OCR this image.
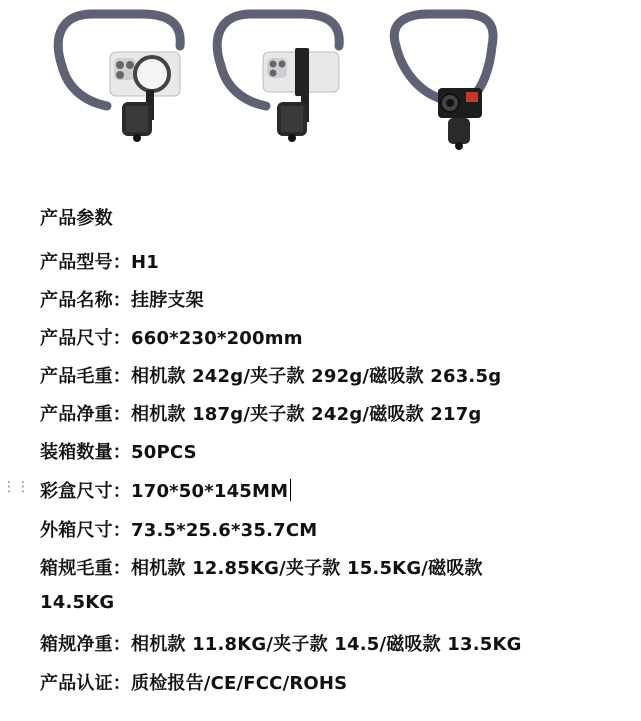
⋮⋮
产品参数
产品型号：H1
产品名称：挂脖支架
产品尺寸：660*230*200mm
产品毛重：相机款 242g/夹子款 292g/磁吸款 263.5g
产品净重：相机款 187g/夹子款 242g/磁吸款 217g
装箱数量：50PCS
彩盒尺寸：170*50*145MM
外箱尺寸：73.5*25.6*35.7CM
箱规毛重：相机款 12.85KG/夹子款 15.5KG/磁吸款
14.5KG
箱规净重：相机款 11.8KG/夹子款 14.5/磁吸款 13.5KG
产品认证：质检报告/CE/FCC/ROHS
